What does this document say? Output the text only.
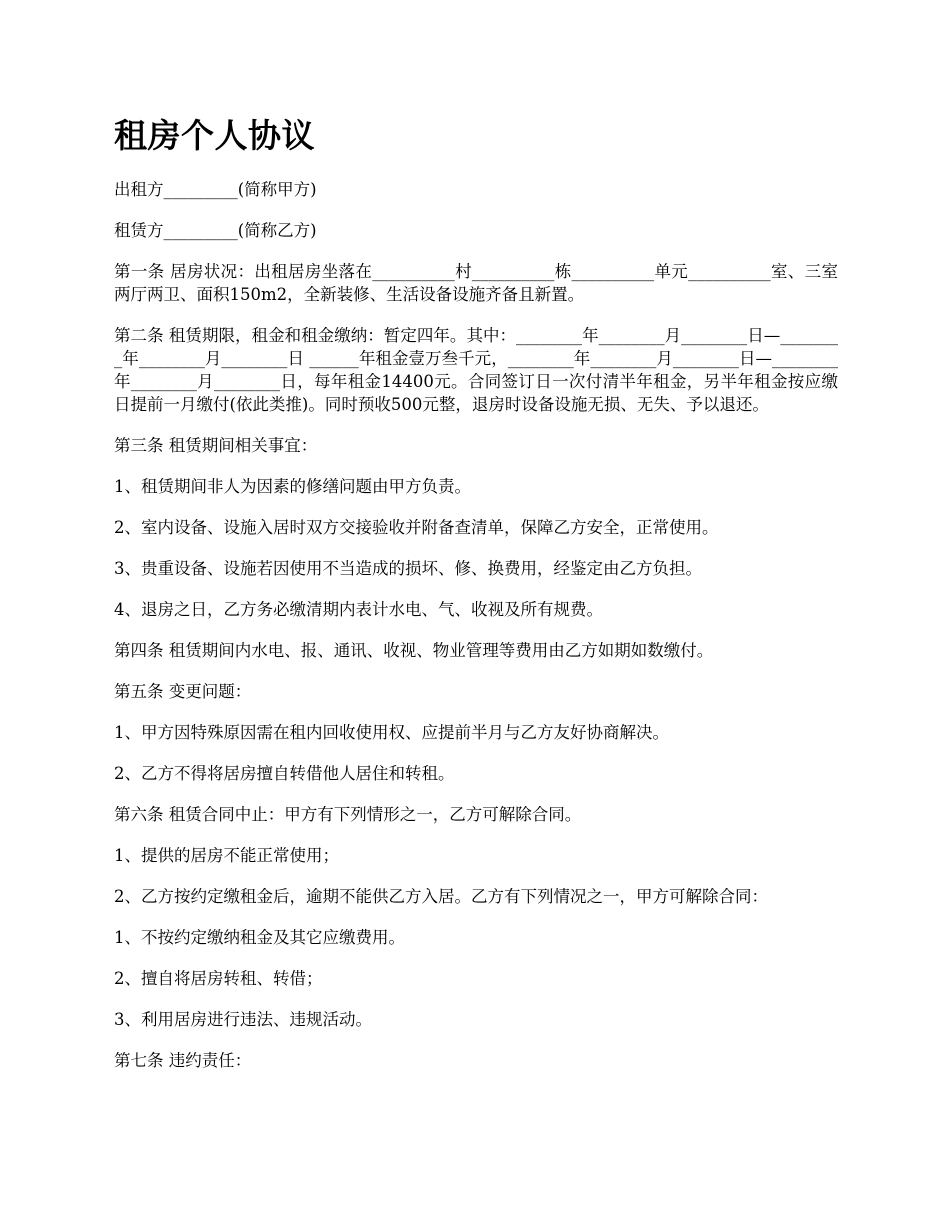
租房个人协议

出租方_________(简称甲方)

租赁方_________(简称乙方)

第一条 居房状况：出租居房坐落在__________村__________栋__________单元__________室、三室两厅两卫、面积150m2，全新装修、生活设备设施齐备且新置。

第二条 租赁期限，租金和租金缴纳：暂定四年。其中：________年________月________日—________年________月________日 ______年租金壹万叁千元，________年________月________日—________年________月________日，每年租金14400元。合同签订日一次付清半年租金，另半年租金按应缴日提前一月缴付(依此类推)。同时预收500元整，退房时设备设施无损、无失、予以退还。

第三条 租赁期间相关事宜：

1、租赁期间非人为因素的修缮问题由甲方负责。

2、室内设备、设施入居时双方交接验收并附备查清单，保障乙方安全，正常使用。

3、贵重设备、设施若因使用不当造成的损坏、修、换费用，经鉴定由乙方负担。

4、退房之日，乙方务必缴清期内表计水电、气、收视及所有规费。

第四条 租赁期间内水电、报、通讯、收视、物业管理等费用由乙方如期如数缴付。

第五条 变更问题：

1、甲方因特殊原因需在租内回收使用权、应提前半月与乙方友好协商解决。

2、乙方不得将居房擅自转借他人居住和转租。

第六条 租赁合同中止：甲方有下列情形之一，乙方可解除合同。

1、提供的居房不能正常使用；

2、乙方按约定缴租金后，逾期不能供乙方入居。乙方有下列情况之一，甲方可解除合同：

1、不按约定缴纳租金及其它应缴费用。

2、擅自将居房转租、转借；

3、利用居房进行违法、违规活动。

第七条 违约责任：
